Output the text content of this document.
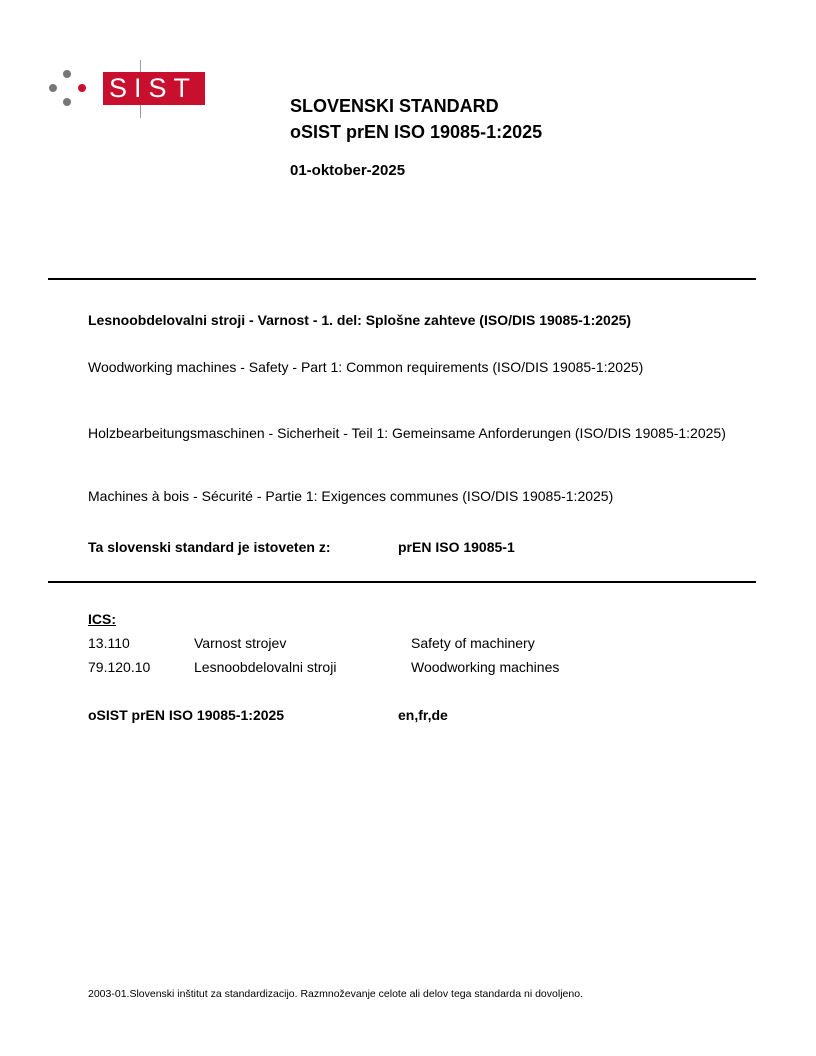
SIST
SLOVENSKI STANDARD
oSIST prEN ISO 19085-1:2025
01-oktober-2025
Lesnoobdelovalni stroji - Varnost - 1. del: Splošne zahteve (ISO/DIS 19085-1:2025)
Woodworking machines - Safety - Part 1: Common requirements (ISO/DIS 19085-1:2025)
Holzbearbeitungsmaschinen - Sicherheit - Teil 1: Gemeinsame Anforderungen (ISO/DIS 19085-1:2025)
Machines à bois - Sécurité - Partie 1: Exigences communes (ISO/DIS 19085-1:2025)
Ta slovenski standard je istoveten z:	prEN ISO 19085-1
ICS:
13.110	Varnost strojev	Safety of machinery
79.120.10	Lesnoobdelovalni stroji	Woodworking machines
oSIST prEN ISO 19085-1:2025	en,fr,de
2003-01.Slovenski inštitut za standardizacijo. Razmnoževanje celote ali delov tega standarda ni dovoljeno.
